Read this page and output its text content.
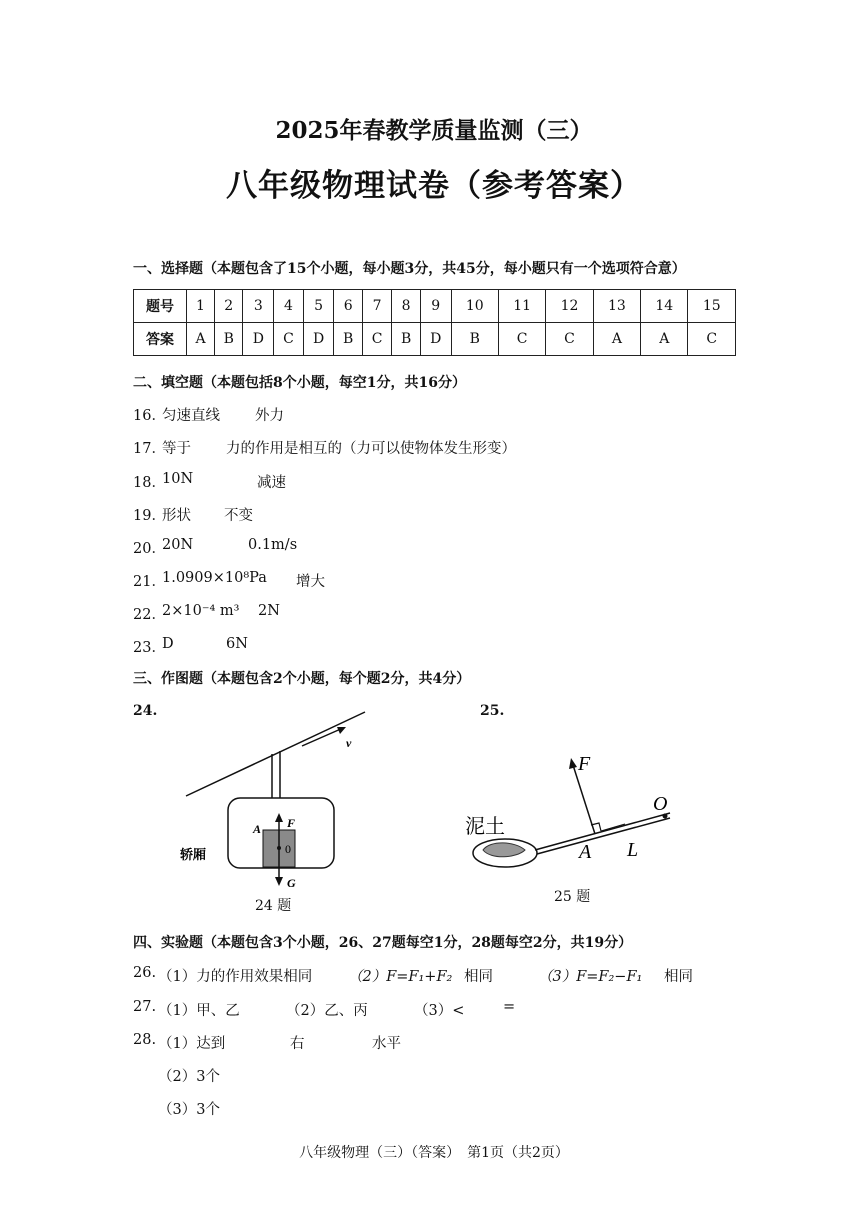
2025年春教学质量监测（三）
八年级物理试卷（参考答案）
一、选择题（本题包含了15个小题，每小题3分，共45分，每小题只有一个选项符合意）
题号	1	2	3	4	5	6	7	8	9	10	11	12	13	14	15
答案	A	B	D	C	D	B	C	B	D	B	C	C	A	A	C
二、填空题（本题包括8个小题，每空1分，共16分）
16．
匀速直线 外力
17．
等于 力的作用是相互的（力可以使物体发生形变）
18．
10N	减速
19．
形状 不变
20．
20N	0.1m/s
21．
1.0909×10⁸Pa 增大
22．
2×10⁻⁴ m³ 2N
23．
D	6N
三、作图题（本题包含2个小题，每个题2分，共4分）
24.
v
F
A
0
G
轿厢
24 题
25.
泥土
F
A L
O
25 题
四、实验题（本题包含3个小题，26、27题每空1分，28题每空2分，共19分）
26. （1）力的作用效果相同 （2）F=F₁+F₂ 相同	（3）F=F₂−F₁ 相同
27. （1）甲、乙	（2）乙、丙	（3）<	=
28. （1）达到	右	水平
（2）3个
（3）3个
八年级物理（三）（答案）　第1页（共2页）
